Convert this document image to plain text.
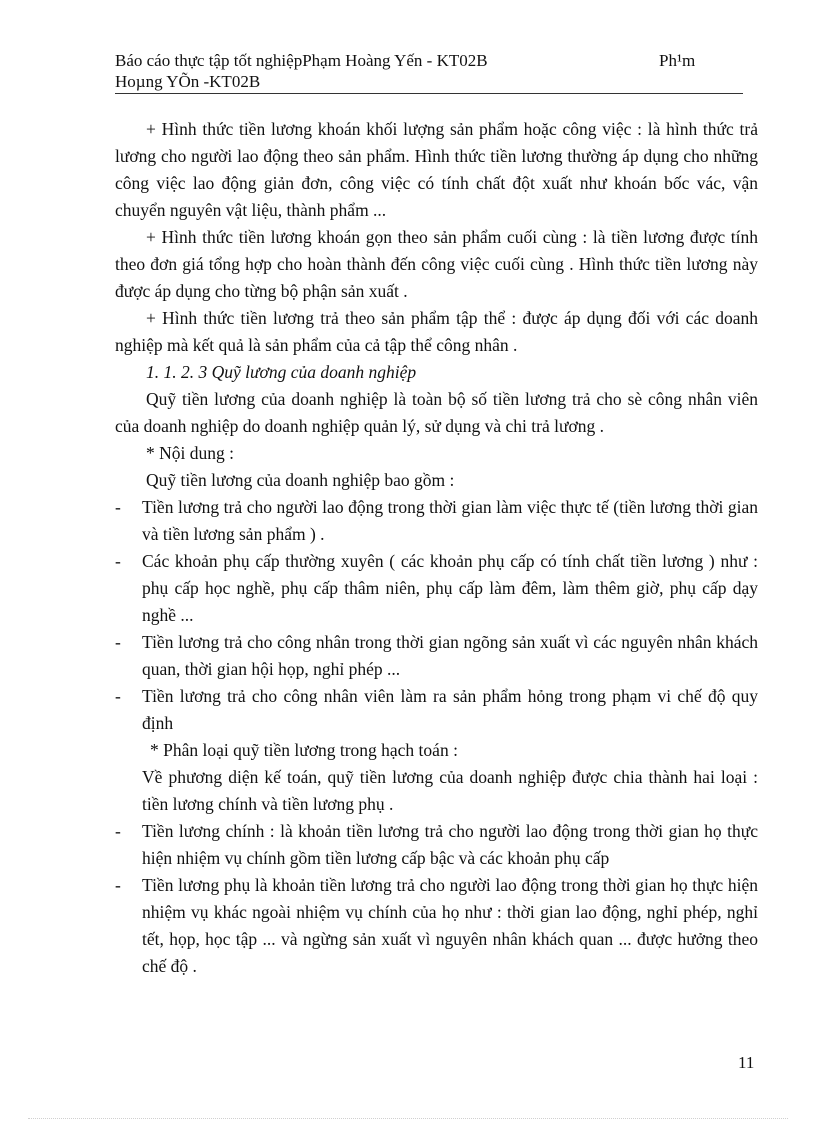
Báo cáo thực tập tốt nghiệpPhạm Hoàng Yến - KT02B	Ph¹m
Hoµng YÕn -KT02B

+ Hình thức tiền lương khoán khối lượng sản phẩm hoặc công việc : là hình thức trả lương cho người lao động theo sản phẩm. Hình thức tiền lương thường áp dụng cho những công việc lao động giản đơn, công việc có tính chất đột xuất như khoán bốc vác, vận chuyển nguyên vật liệu, thành phẩm ...

+ Hình thức tiền lương khoán gọn theo sản phẩm cuối cùng : là tiền lương được tính theo đơn giá tổng hợp cho hoàn thành đến công việc cuối cùng . Hình thức tiền lương này được áp dụng cho từng bộ phận sản xuất .

+ Hình thức tiền lương trả theo sản phẩm tập thể : được áp dụng đối với các doanh nghiệp mà kết quả là sản phẩm của cả tập thể công nhân .

1. 1. 2. 3 Quỹ lương của doanh nghiệp

Quỹ tiền lương của doanh nghiệp là toàn bộ số tiền lương trả cho sè công nhân viên của doanh nghiệp do doanh nghiệp quản lý, sử dụng và chi trả lương .

* Nội dung :

Quỹ tiền lương của doanh nghiệp bao gồm :

-	Tiền lương trả cho người lao động trong thời gian làm việc thực tế (tiền lương thời gian và tiền lương sản phẩm ) .
-	Các khoản phụ cấp thường xuyên ( các khoản phụ cấp có tính chất tiền lương ) như : phụ cấp học nghề, phụ cấp thâm niên, phụ cấp làm đêm, làm thêm giờ, phụ cấp dạy nghề ...
-	Tiền lương trả cho công nhân trong thời gian ngõng sản xuất vì các nguyên nhân khách quan, thời gian hội họp, nghỉ phép ...
-	Tiền lương trả cho công nhân viên làm ra sản phẩm hỏng trong phạm vi chế độ quy định

* Phân loại quỹ tiền lương trong hạch toán :

Về phương diện kế toán, quỹ tiền lương của doanh nghiệp được chia thành hai loại : tiền lương chính và tiền lương phụ .

-	Tiền lương chính : là khoản tiền lương trả cho người lao động trong thời gian họ thực hiện nhiệm vụ chính gồm tiền lương cấp bậc và các khoản phụ cấp
-	Tiền lương phụ là khoản tiền lương trả cho người lao động trong thời gian họ thực hiện nhiệm vụ khác ngoài nhiệm vụ chính của họ như : thời gian lao động, nghỉ phép, nghỉ tết, họp, học tập ... và ngừng sản xuất vì nguyên nhân khách quan ... được hưởng theo chế độ .
11
